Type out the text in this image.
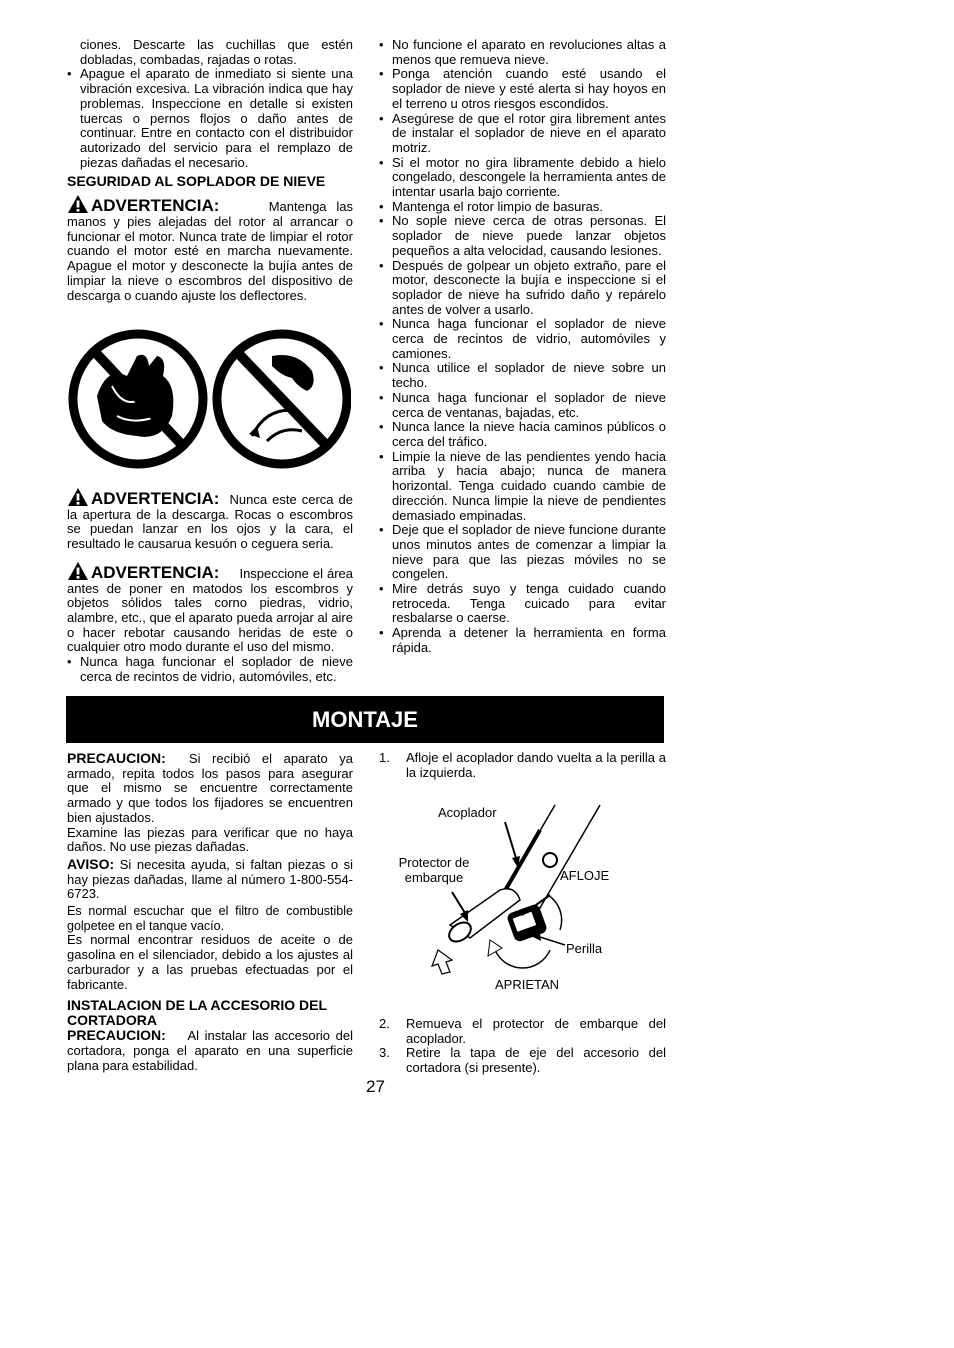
ciones. Descarte las cuchillas que estén dobladas, combadas, rajadas o rotas.

• Apague el aparato de inmediato si siente una vibración excesiva. La vibración indica que hay problemas. Inspeccione en detalle si existen tuercas o pernos flojos o daño antes de continuar. Entre en contacto con el distribuidor autorizado del servicio para el remplazo de piezas dañadas el necesario.
SEGURIDAD AL SOPLADOR DE NIEVE

ADVERTENCIA:	Mantenga las manos y pies alejadas del rotor al arrancar o funcionar el motor. Nunca trate de limpiar el rotor cuando el motor esté en marcha nuevamente. Apague el motor y desconecte la bujía antes de limpiar la nieve o escombros del dispositivo de descarga o cuando ajuste los deflectores.

ADVERTENCIA: Nunca este cerca de la apertura de la descarga. Rocas o escombros se puedan lanzar en los ojos y la cara, el resultado le causarua kesuón o ceguera seria.

ADVERTENCIA: Inspeccione el área antes de poner en matodos los escombros y objetos sólidos tales corno piedras, vidrio, alambre, etc., que el aparato pueda arrojar al aire o hacer rebotar causando heridas de este o cualquier otro modo durante el uso del mismo.

• Nunca haga funcionar el soplador de nieve cerca de recintos de vidrio, automóviles, etc.
• No funcione el aparato en revoluciones altas a menos que remueva nieve.
• Ponga atención cuando esté usando el soplador de nieve y esté alerta si hay hoyos en el terreno u otros riesgos escondidos.
• Asegúrese de que el rotor gira librement antes de instalar el soplador de nieve en el aparato motriz.
• Si el motor no gira libramente debido a hielo congelado, descongele la herramienta antes de intentar usarla bajo corriente.
• Mantenga el rotor limpio de basuras.
• No sople nieve cerca de otras personas. El soplador de nieve puede lanzar objetos pequeños a alta velocidad, causando lesiones.
• Después de golpear un objeto extraño, pare el motor, desconecte la bujía e inspeccione si el soplador de nieve ha sufrido daño y repárelo antes de volver a usarlo.
• Nunca haga funcionar el soplador de nieve cerca de recintos de vidrio, automóviles y camiones.
• Nunca utilice el soplador de nieve sobre un techo.
• Nunca haga funcionar el soplador de nieve cerca de ventanas, bajadas, etc.
• Nunca lance la nieve hacia caminos públicos o cerca del tráfico.
• Limpie la nieve de las pendientes yendo hacia arriba y hacia abajo; nunca de manera horizontal. Tenga cuidado cuando cambie de dirección. Nunca limpie la nieve de pendientes demasiado empinadas.
• Deje que el soplador de nieve funcione durante unos minutos antes de comenzar a limpiar la nieve para que las piezas móviles no se congelen.
• Mire detrás suyo y tenga cuidado cuando retroceda. Tenga cuicado para evitar resbalarse o caerse.
• Aprenda a detener la herramienta en forma rápida.
MONTAJE

PRECAUCION: Si recibió el aparato ya armado, repita todos los pasos para asegurar que el mismo se encuentre correctamente armado y que todos los fijadores se encuentren bien ajustados.

Examine las piezas para verificar que no haya daños. No use piezas dañadas.

AVISO: Si necesita ayuda, si faltan piezas o si hay piezas dañadas, llame al número 1-800-554-6723.

Es normal escuchar que el filtro de combustible golpetee en el tanque vacío.

Es normal encontrar residuos de aceite o de gasolina en el silenciador, debido a los ajustes al carburador y a las pruebas efectuadas por el fabricante.

INSTALACION DE LA ACCESORIO DEL CORTADORA

PRECAUCION: Al instalar las accesorio del cortadora, ponga el aparato en una superficie plana para estabilidad.

1. Afloje el acoplador dando vuelta a la perilla a la izquierda.
2. Remueva el protector de embarque del acoplador.
3. Retire la tapa de eje del accesorio del cortadora (si presente).
Acoplador
Protector de embarque	AFLOJE
Perilla
APRIETAN
27
